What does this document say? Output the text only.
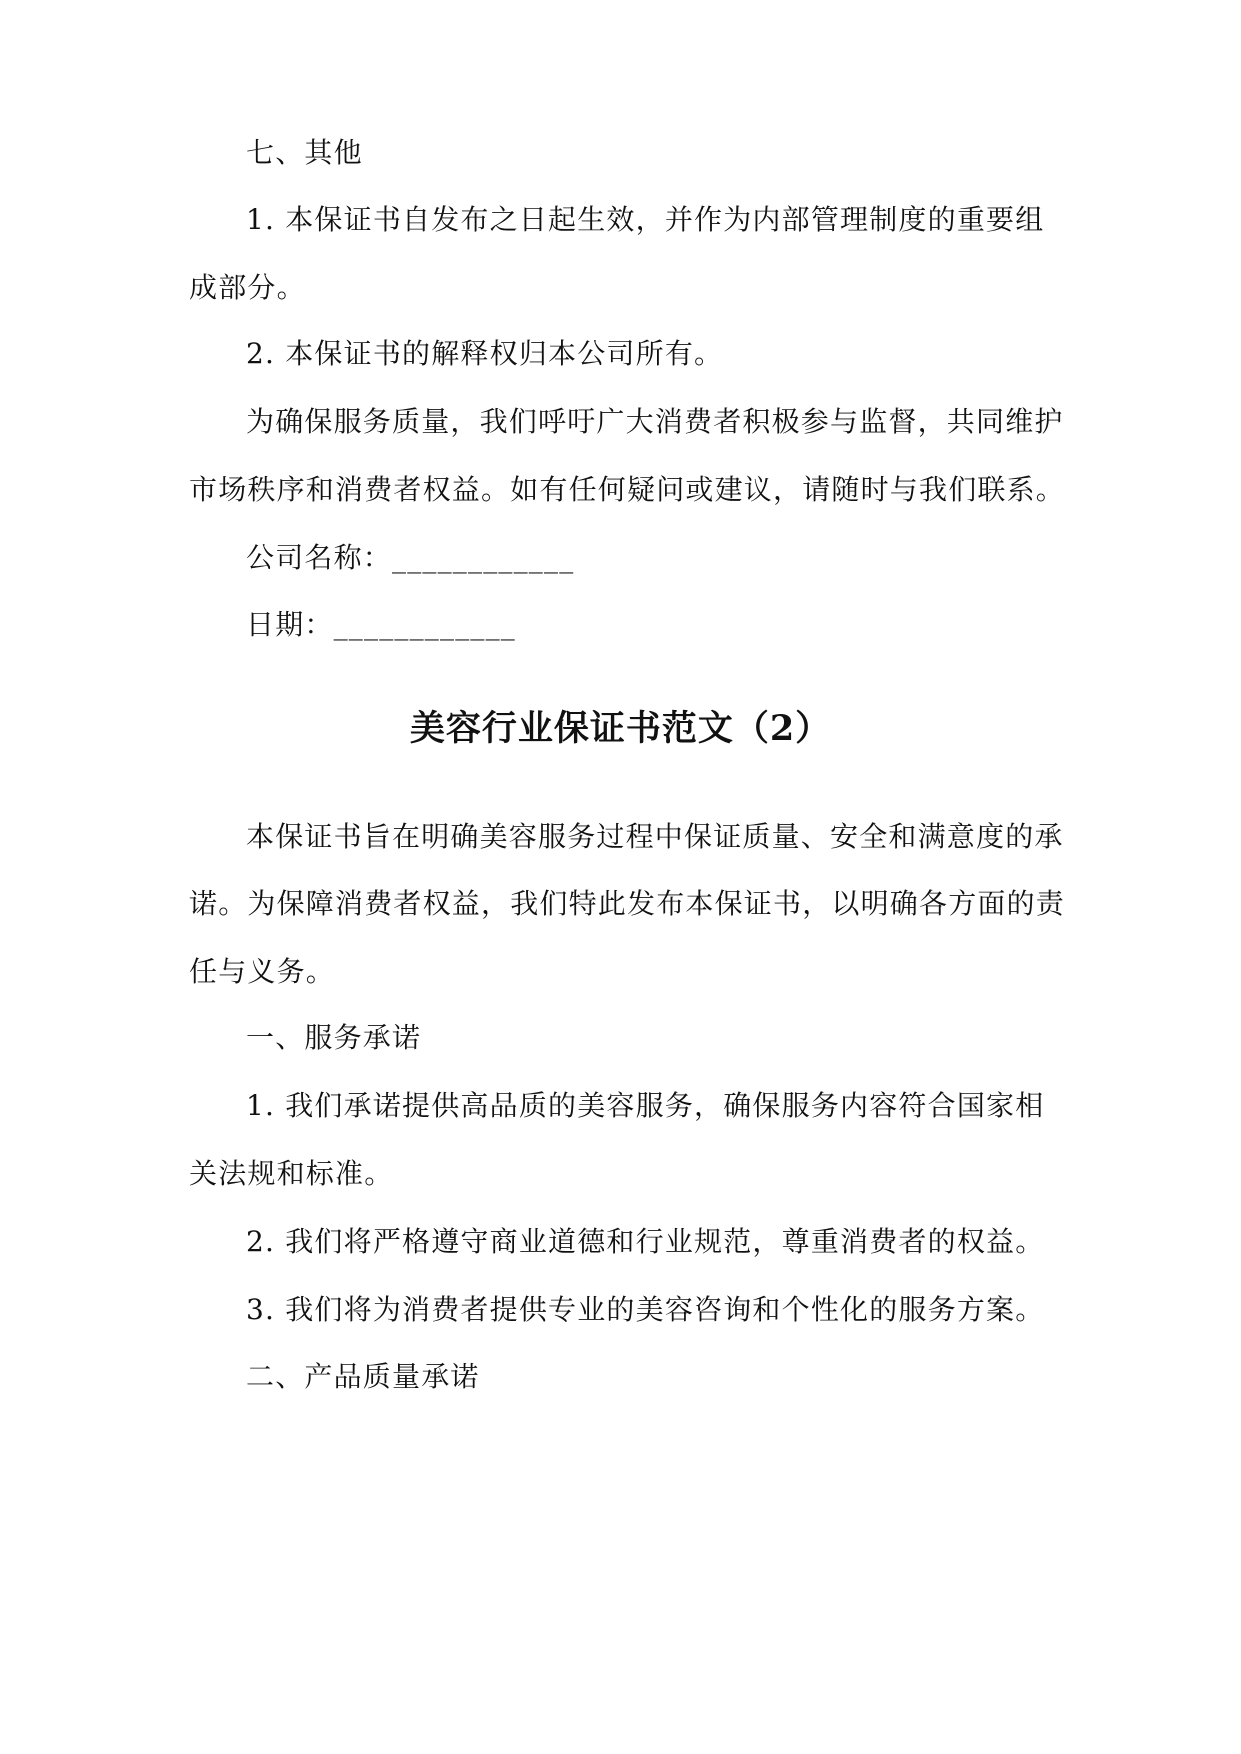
七、其他
1. 本保证书自发布之日起生效，并作为内部管理制度的重要组
成部分。
2. 本保证书的解释权归本公司所有。
为确保服务质量，我们呼吁广大消费者积极参与监督，共同维护
市场秩序和消费者权益。如有任何疑问或建议，请随时与我们联系。
公司名称：____________
日期：____________
美容行业保证书范文（2）
本保证书旨在明确美容服务过程中保证质量、安全和满意度的承
诺。为保障消费者权益，我们特此发布本保证书，以明确各方面的责
任与义务。
一、服务承诺
1. 我们承诺提供高品质的美容服务，确保服务内容符合国家相
关法规和标准。
2. 我们将严格遵守商业道德和行业规范，尊重消费者的权益。
3. 我们将为消费者提供专业的美容咨询和个性化的服务方案。
二、产品质量承诺
